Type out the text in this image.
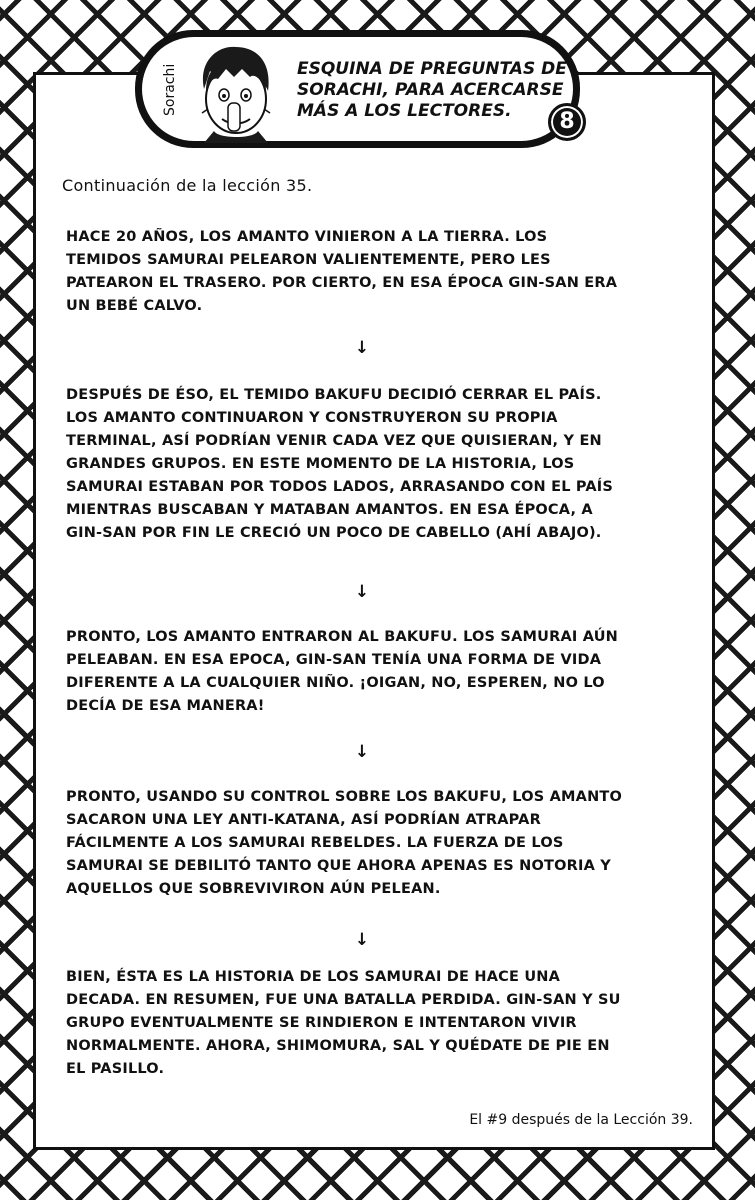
Sorachi	ESQUINA DE PREGUNTAS DE
SORACHI, PARA ACERCARSE
MÁS A LOS LECTORES.	8
Continuación de la lección 35.

HACE 20 AÑOS, LOS AMANTO VINIERON A LA TIERRA. LOS TEMIDOS SAMURAI PELEARON VALIENTEMENTE, PERO LES PATEARON EL TRASERO. POR CIERTO, EN ESA ÉPOCA GIN-SAN ERA UN BEBÉ CALVO.

↓

DESPUÉS DE ÉSO, EL TEMIDO BAKUFU DECIDIÓ CERRAR EL PAÍS. LOS AMANTO CONTINUARON Y CONSTRUYERON SU PROPIA TERMINAL, ASÍ PODRÍAN VENIR CADA VEZ QUE QUISIERAN, Y EN GRANDES GRUPOS. EN ESTE MOMENTO DE LA HISTORIA, LOS SAMURAI ESTABAN POR TODOS LADOS, ARRASANDO CON EL PAÍS MIENTRAS BUSCABAN Y MATABAN AMANTOS. EN ESA ÉPOCA, A GIN-SAN POR FIN LE CRECIÓ UN POCO DE CABELLO (AHÍ ABAJO).

↓

PRONTO, LOS AMANTO ENTRARON AL BAKUFU. LOS SAMURAI AÚN PELEABAN. EN ESA EPOCA, GIN-SAN TENÍA UNA FORMA DE VIDA DIFERENTE A LA CUALQUIER NIÑO. ¡OIGAN, NO, ESPEREN, NO LO DECÍA DE ESA MANERA!

↓

PRONTO, USANDO SU CONTROL SOBRE LOS BAKUFU, LOS AMANTO SACARON UNA LEY ANTI-KATANA, ASÍ PODRÍAN ATRAPAR FÁCILMENTE A LOS SAMURAI REBELDES. LA FUERZA DE LOS SAMURAI SE DEBILITÓ TANTO QUE AHORA APENAS ES NOTORIA Y AQUELLOS QUE SOBREVIVIRON AÚN PELEAN.

↓

BIEN, ÉSTA ES LA HISTORIA DE LOS SAMURAI DE HACE UNA DECADA. EN RESUMEN, FUE UNA BATALLA PERDIDA. GIN-SAN Y SU GRUPO EVENTUALMENTE SE RINDIERON E INTENTARON VIVIR NORMALMENTE. AHORA, SHIMOMURA, SAL Y QUÉDATE DE PIE EN EL PASILLO.

El #9 después de la Lección 39.
